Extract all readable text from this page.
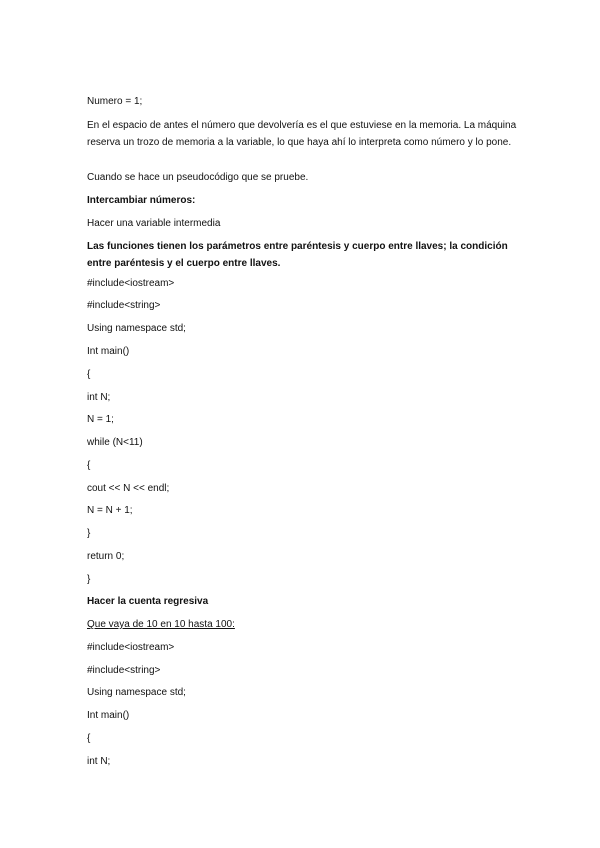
Numero = 1;

En el espacio de antes el número que devolvería es el que estuviese en la memoria. La máquina reserva un trozo de memoria a la variable, lo que haya ahí lo interpreta como número y lo pone.

Cuando se hace un pseudocódigo que se pruebe.

Intercambiar números:

Hacer una variable intermedia

Las funciones tienen los parámetros entre paréntesis y cuerpo entre llaves; la condición entre paréntesis y el cuerpo entre llaves.

#include<iostream>

#include<string>

Using namespace std;

Int main()

{

int N;

N = 1;

while (N<11)

{

cout << N << endl;

N = N + 1;

}

return 0;

}

Hacer la cuenta regresiva

Que vaya de 10 en 10 hasta 100:

#include<iostream>

#include<string>

Using namespace std;

Int main()

{

int N;
